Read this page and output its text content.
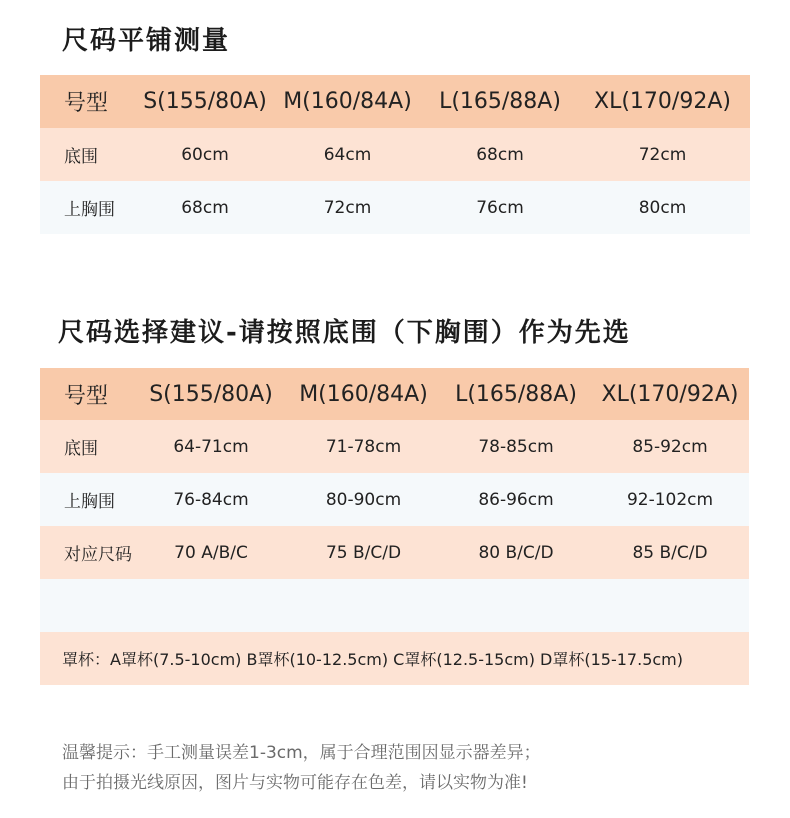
尺码平铺测量
号型	S(155/80A)	M(160/84A)	L(165/88A)	XL(170/92A)
底围	60cm	64cm	68cm	72cm
上胸围	68cm	72cm	76cm	80cm
尺码选择建议-请按照底围（下胸围）作为先选
号型	S(155/80A)	M(160/84A)	L(165/88A)	XL(170/92A)
底围	64-71cm	71-78cm	78-85cm	85-92cm
上胸围	76-84cm	80-90cm	86-96cm	92-102cm
对应尺码	70 A/B/C	75 B/C/D	80 B/C/D	85 B/C/D

罩杯：A罩杯(7.5-10cm) B罩杯(10-12.5cm) C罩杯(12.5-15cm) D罩杯(15-17.5cm)				
温馨提示：手工测量误差1-3cm，属于合理范围因显示器差异；
由于拍摄光线原因，图片与实物可能存在色差，请以实物为准!
